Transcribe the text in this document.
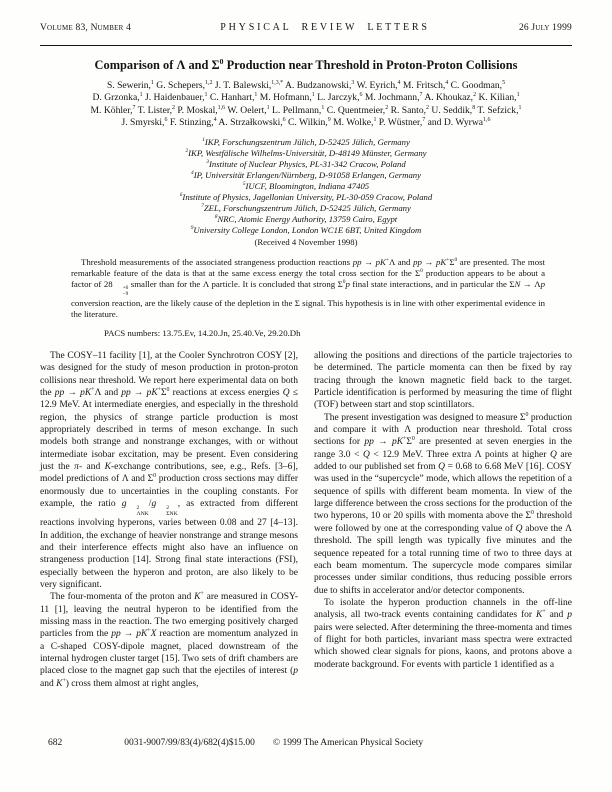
Volume 83, Number 4	PHYSICAL REVIEW LETTERS	26 July 1999
Comparison of Λ and $\Sigma^0$ Production near Threshold in Proton-Proton Collisions
S. Sewerin,$^1$ G. Schepers,$^{1,2}$ J. T. Balewski,$^{1,3,*}$ A. Budzanowski,$^3$ W. Eyrich,$^4$ M. Fritsch,$^4$ C. Goodman,$^5$
D. Grzonka,$^1$ J. Haidenbauer,$^1$ C. Hanhart,$^1$ M. Hofmann,$^1$ L. Jarczyk,$^6$ M. Jochmann,$^7$ A. Khoukaz,$^2$ K. Kilian,$^1$
M. Köhler,$^7$ T. Lister,$^2$ P. Moskal,$^{1,6}$ W. Oelert,$^1$ L. Pellmann,$^1$ C. Quentmeier,$^2$ R. Santo,$^2$ U. Seddik,$^8$ T. Sefzick,$^1$
J. Smyrski,$^6$ F. Stinzing,$^4$ A. Strzałkowski,$^6$ C. Wilkin,$^9$ M. Wolke,$^1$ P. Wüstner,$^7$ and D. Wyrwa$^{1,6}$
$^1$IKP, Forschungszentrum Jülich, D-52425 Jülich, Germany
$^2$IKP, Westfälische Wilhelms-Universität, D-48149 Münster, Germany
$^3$Institute of Nuclear Physics, PL-31-342 Cracow, Poland
$^4$IP, Universität Erlangen/Nürnberg, D-91058 Erlangen, Germany
$^5$IUCF, Bloomington, Indiana 47405
$^6$Institute of Physics, Jagellonian University, PL-30-059 Cracow, Poland
$^7$ZEL, Forschungszentrum Jülich, D-52425 Jülich, Germany
$^8$NRC, Atomic Energy Authority, 13759 Cairo, Egypt
$^9$University College London, London WC1E 6BT, United Kingdom
(Received 4 November 1998)
Threshold measurements of the associated strangeness production reactions pp → pK+Λ and pp → $pK^+\Sigma^0$ are presented. The most remarkable feature of the data is that at the same excess energy the total cross section for the $\Sigma^0$ production appears to be about a factor of 28	+6
−9
smaller than for the Λ particle. It is concluded that strong $\Sigma^0p$ final state interactions, and in particular the ΣN → Λp conversion reaction, are the likely cause of the depletion in the Σ signal. This hypothesis is in line with other experimental evidence in the literature.
PACS numbers: 13.75.Ev, 14.20.Jn, 25.40.Ve, 29.20.Dh

The COSY–11 facility [1], at the Cooler Synchrotron COSY [2], was designed for the study of meson production in proton-proton collisions near threshold. We report here experimental data on both the pp → pK+Λ and pp → $pK^+\Sigma^0$ reactions at excess energies Q ≤ 12.9 MeV. At intermediate energies, and especially in the threshold region, the physics of strange particle production is most appropriately described in terms of meson exchange. In such models both strange and nonstrange exchanges, with or without intermediate isobar excitation, may be present. Even considering just the π- and K-exchange contributions, see, e.g., Refs. [3–6], model predictions of Λ and $\Sigma^0$ production cross sections may differ enormously due to uncertainties in the coupling constants. For example, the ratio g	2
ΛNK
/g	2
ΣNK
, as extracted from different reactions involving hyperons, varies between 0.08 and 27 [4–13]. In addition, the exchange of heavier nonstrange and strange mesons and their interference effects might also have an influence on strangeness production [14]. Strong final state interactions (FSI), especially between the hyperon and proton, are also likely to be very significant.

The four-momenta of the proton and K+ are measured in COSY-11 [1], leaving the neutral hyperon to be identified from the missing mass in the reaction. The two emerging positively charged particles from the pp → pK+X reaction are momentum analyzed in a C-shaped COSY-dipole magnet, placed downstream of the internal hydrogen cluster target [15]. Two sets of drift chambers are placed close to the magnet gap such that the ejectiles of interest (p and K+) cross them almost at right angles,

allowing the positions and directions of the particle trajectories to be determined. The particle momenta can then be fixed by ray tracing through the known magnetic field back to the target. Particle identification is performed by measuring the time of flight (TOF) between start and stop scintillators.

The present investigation was designed to measure $\Sigma^0$ production and compare it with Λ production near threshold. Total cross sections for pp → $pK^+\Sigma^0$ are presented at seven energies in the range 3.0 < Q < 12.9 MeV. Three extra Λ points at higher Q are added to our published set from Q = 0.68 to 6.68 MeV [16]. COSY was used in the “supercycle” mode, which allows the repetition of a sequence of spills with different beam momenta. In view of the large difference between the cross sections for the production of the two hyperons, 10 or 20 spills with momenta above the $\Sigma^0$ threshold were followed by one at the corresponding value of Q above the Λ threshold. The spill length was typically five minutes and the sequence repeated for a total running time of two to three days at each beam momentum. The supercycle mode compares similar processes under similar conditions, thus reducing possible errors due to shifts in accelerator and/or detector components.

To isolate the hyperon production channels in the off-line analysis, all two-track events containing candidates for K+ and p pairs were selected. After determining the three-momenta and times of flight for both particles, invariant mass spectra were extracted which showed clear signals for pions, kaons, and protons above a moderate background. For events with particle 1 identified as a

682	0031-9007/99/83(4)/682(4)$15.00 © 1999 The American Physical Society
